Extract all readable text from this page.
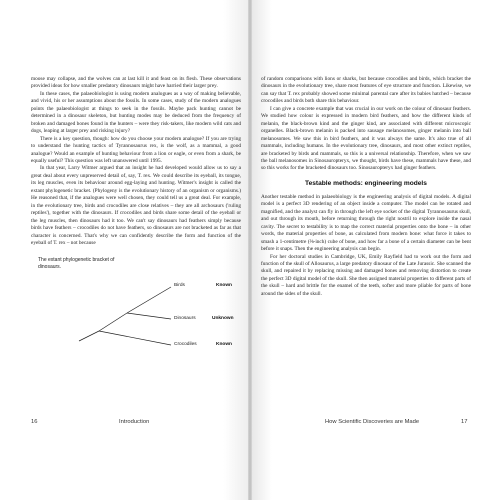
moose may collapse, and the wolves can at last kill it and feast on its flesh. These observations provided ideas for how smaller predatory dinosaurs might have harried their larger prey.

In these cases, the palaeobiologist is using modern analogues as a way of making believable, and vivid, his or her assumptions about the fossils. In some cases, study of the modern analogues points the palaeobiologist at things to seek in the fossils. Maybe pack hunting cannot be determined in a dinosaur skeleton, but hunting modes may be deduced from the frequency of broken and damaged bones found in the hunters – were they risk-takers, like modern wild cats and dogs, leaping at larger prey and risking injury?

There is a key question, though: how do you choose your modern analogue? If you are trying to understand the hunting tactics of Tyrannosaurus rex, is the wolf, as a mammal, a good analogue? Would an example of hunting behaviour from a lion or eagle, or even from a shark, be equally useful? This question was left unanswered until 1995.

In that year, Larry Witmer argued that an insight he had developed would allow us to say a great deal about every unpreserved detail of, say, T. rex. We could describe its eyeball, its tongue, its leg muscles, even its behaviour around egg-laying and hunting. Witmer's insight is called the extant phylogenetic bracket. (Phylogeny is the evolutionary history of an organism or organisms.) He reasoned that, if the analogues were well chosen, they could tell us a great deal. For example, in the evolutionary tree, birds and crocodiles are close relatives – they are all archosaurs ('ruling reptiles'), together with the dinosaurs. If crocodiles and birds share some detail of the eyeball or the leg muscles, then dinosaurs had it too. We can't say dinosaurs had feathers simply because birds have feathers – crocodiles do not have feathers, so dinosaurs are not bracketed as far as that character is concerned. That's why we can confidently describe the form and function of the eyeball of T. rex – not because

The extant phylogenetic bracket of dinosaurs.
Birds	Known
Dinosaurs	Unknown
Crocodiles	Known
16	Introduction

of random comparisons with lions or sharks, but because crocodiles and birds, which bracket the dinosaurs in the evolutionary tree, share most features of eye structure and function. Likewise, we can say that T. rex probably showed some minimal parental care after its babies hatched – because crocodiles and birds both share this behaviour.

I can give a concrete example that was crucial in our work on the colour of dinosaur feathers. We studied how colour is expressed in modern bird feathers, and how the different kinds of melanin, the black-brown kind and the ginger kind, are associated with different microscopic organelles. Black-brown melanin is packed into sausage melanosomes, ginger melanin into ball melanosomes. We saw this in bird feathers, and it was always the same. It's also true of all mammals, including humans. In the evolutionary tree, dinosaurs, and most other extinct reptiles, are bracketed by birds and mammals, so this is a universal relationship. Therefore, when we saw the ball melanosomes in Sinosauropteryx, we thought, birds have these, mammals have these, and so this works for the bracketed dinosaurs too. Sinosauropteryx had ginger feathers.

Testable methods: engineering models

Another testable method in palaeobiology is the engineering analysis of digital models. A digital model is a perfect 3D rendering of an object inside a computer. The model can be rotated and magnified, and the analyst can fly in through the left eye socket of the digital Tyrannosaurus skull, and out through its mouth, before returning through the right nostril to explore inside the nasal cavity. The secret to testability is to map the correct material properties onto the bone – in other words, the material properties of bone, as calculated from modern bone: what force it takes to smash a 1-centimetre (⅜-inch) cube of bone, and how far a bone of a certain diameter can be bent before it snaps. Then the engineering analysis can begin.

For her doctoral studies in Cambridge, UK, Emily Rayfield had to work out the form and function of the skull of Allosaurus, a large predatory dinosaur of the Late Jurassic. She scanned the skull, and repaired it by replacing missing and damaged bones and removing distortion to create the perfect 3D digital model of the skull. She then assigned material properties to different parts of the skull – hard and brittle for the enamel of the teeth, softer and more pliable for parts of bone around the sides of the skull.

How Scientific Discoveries are Made	17
